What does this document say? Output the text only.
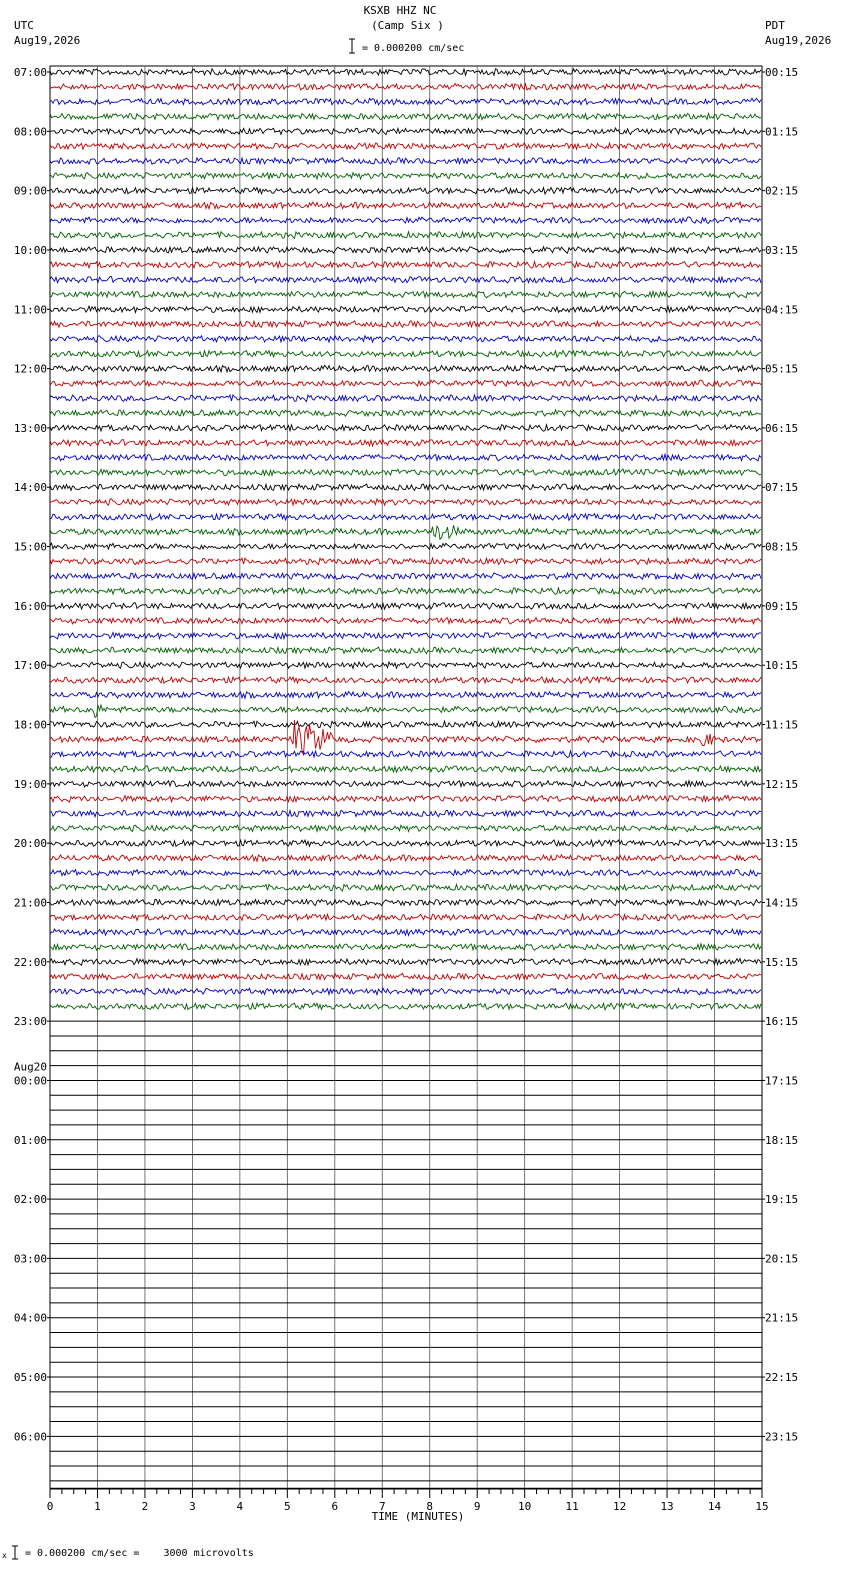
KSXB HHZ NC
(Camp Six )
UTC
Aug19,2026
PDT
Aug19,2026
= 0.000200 cm/sec
= 0.000200 cm/sec =    3000 microvolts
0	1	2	3	4	5	6	7	8	9	10	11	12	13	14	15
TIME (MINUTES)
07:00
08:00
09:00
10:00
11:00
12:00
13:00
14:00
15:00
16:00
17:00
18:00
19:00
20:00
21:00
22:00
23:00
00:00
Aug20
01:00
02:00
03:00
04:00
05:00
06:00
00:15
01:15
02:15
03:15
04:15
05:15
06:15
07:15
08:15
09:15
10:15
11:15
12:15
13:15
14:15
15:15
16:15
17:15
18:15
19:15
20:15
21:15
22:15
23:15
x
